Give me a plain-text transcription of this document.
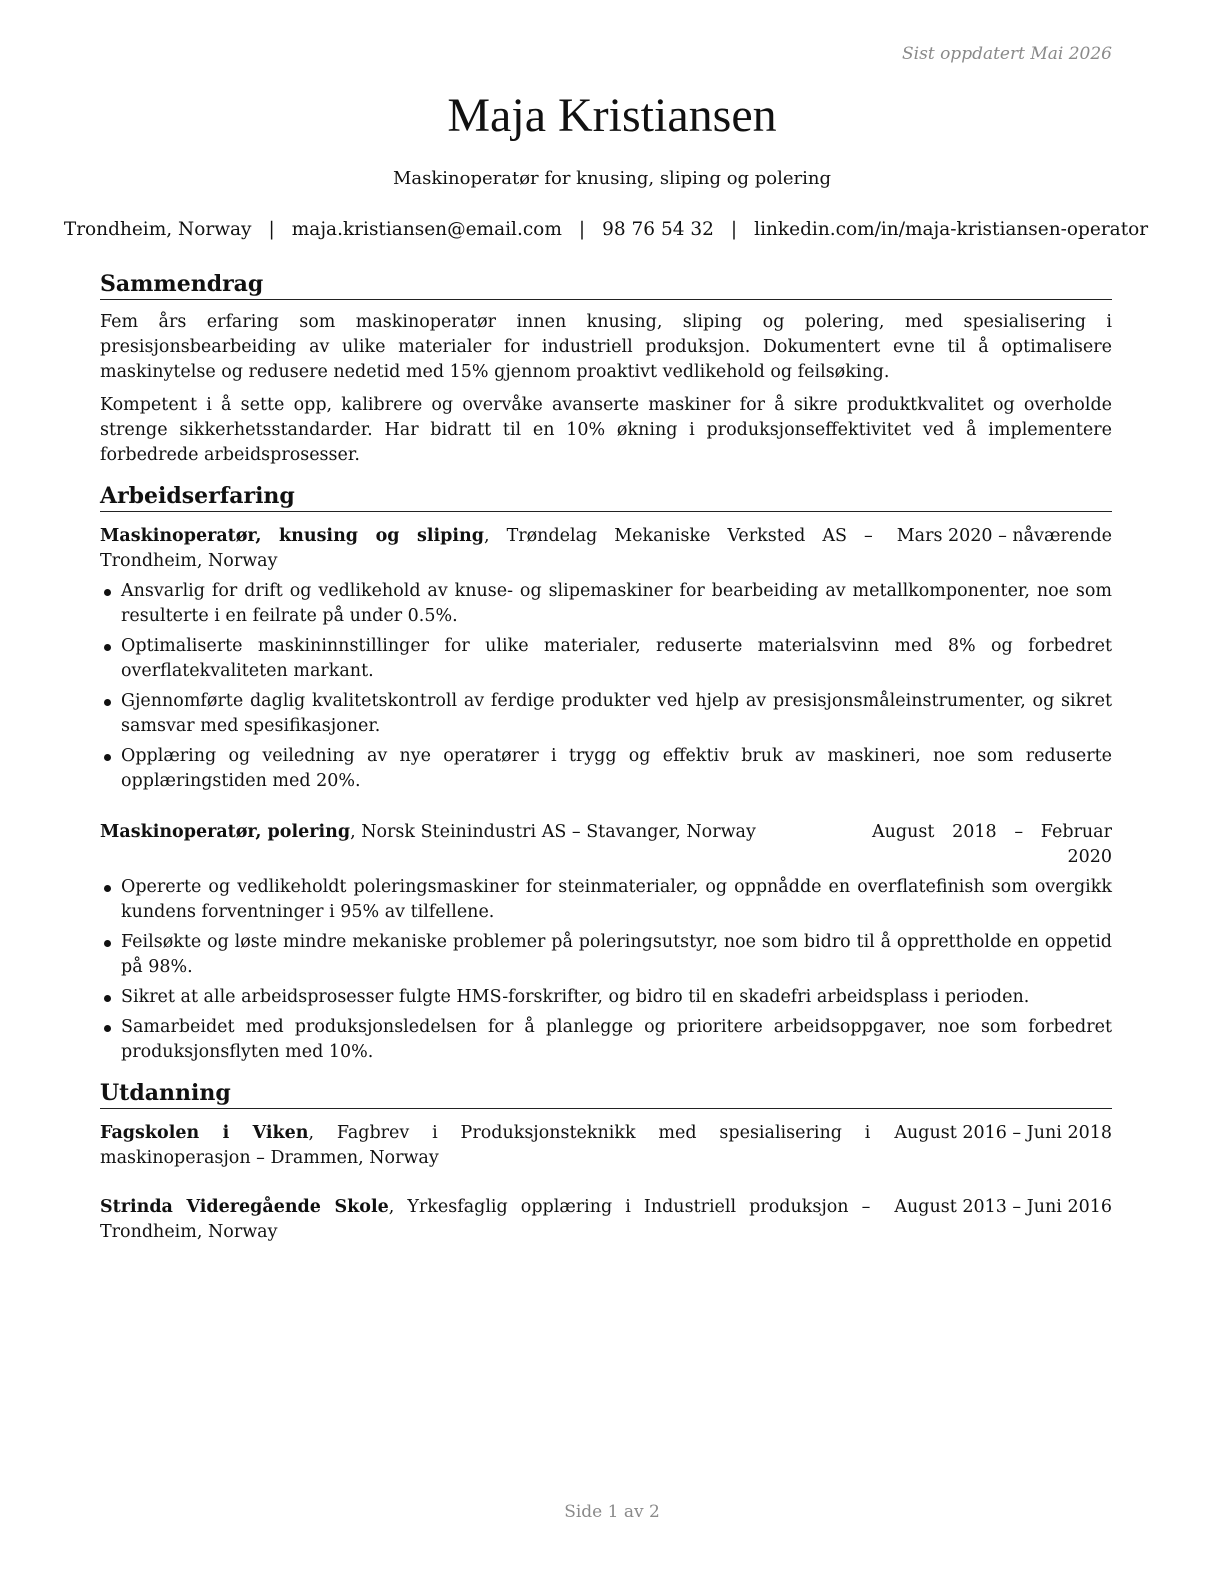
Sist oppdatert Mai 2026
Maja Kristiansen
Maskinoperatør for knusing, sliping og polering
Trondheim, Norway | maja.kristiansen@email.com | 98 76 54 32 | linkedin.com/in/maja-kristiansen-operator
Sammendrag

Fem års erfaring som maskinoperatør innen knusing, sliping og polering, med spesialisering i presisjonsbearbeiding av ulike materialer for industriell produksjon. Dokumentert evne til å optimalisere maskinytelse og redusere nedetid med 15% gjennom proaktivt vedlikehold og feilsøking.

Kompetent i å sette opp, kalibrere og overvåke avanserte maskiner for å sikre produktkvalitet og overholde strenge sikkerhetsstandarder. Har bidratt til en 10% økning i produksjonseffektivitet ved å implementere forbedrede arbeidsprosesser.

Arbeidserfaring
Maskinoperatør, knusing og sliping, Trøndelag Mekaniske Verksted AS – Trondheim, Norway
Mars 2020 – nåværende
Ansvarlig for drift og vedlikehold av knuse- og slipemaskiner for bearbeiding av metallkomponenter, noe som resulterte i en feilrate på under 0.5%.
Optimaliserte maskininnstillinger for ulike materialer, reduserte materialsvinn med 8% og forbedret overflatekvaliteten markant.
Gjennomførte daglig kvalitetskontroll av ferdige produkter ved hjelp av presisjonsmåleinstrumenter, og sikret samsvar med spesifikasjoner.
Opplæring og veiledning av nye operatører i trygg og effektiv bruk av maskineri, noe som reduserte opplæringstiden med 20%.
Maskinoperatør, polering, Norsk Steinindustri AS – Stavanger, Norway	August 2018 – Februar 2020
Opererte og vedlikeholdt poleringsmaskiner for steinmaterialer, og oppnådde en overflatefinish som overgikk kundens forventninger i 95% av tilfellene.
Feilsøkte og løste mindre mekaniske problemer på poleringsutstyr, noe som bidro til å opprettholde en oppetid på 98%.
Sikret at alle arbeidsprosesser fulgte HMS-forskrifter, og bidro til en skadefri arbeidsplass i perioden.
Samarbeidet med produksjonsledelsen for å planlegge og prioritere arbeidsoppgaver, noe som forbedret produksjonsflyten med 10%.
Utdanning
Fagskolen i Viken, Fagbrev i Produksjonsteknikk med spesialisering i maskinoperasjon – Drammen, Norway
August 2016 – Juni 2018
Strinda Videregående Skole, Yrkesfaglig opplæring i Industriell produksjon – Trondheim, Norway
August 2013 – Juni 2016
Side 1 av 2
